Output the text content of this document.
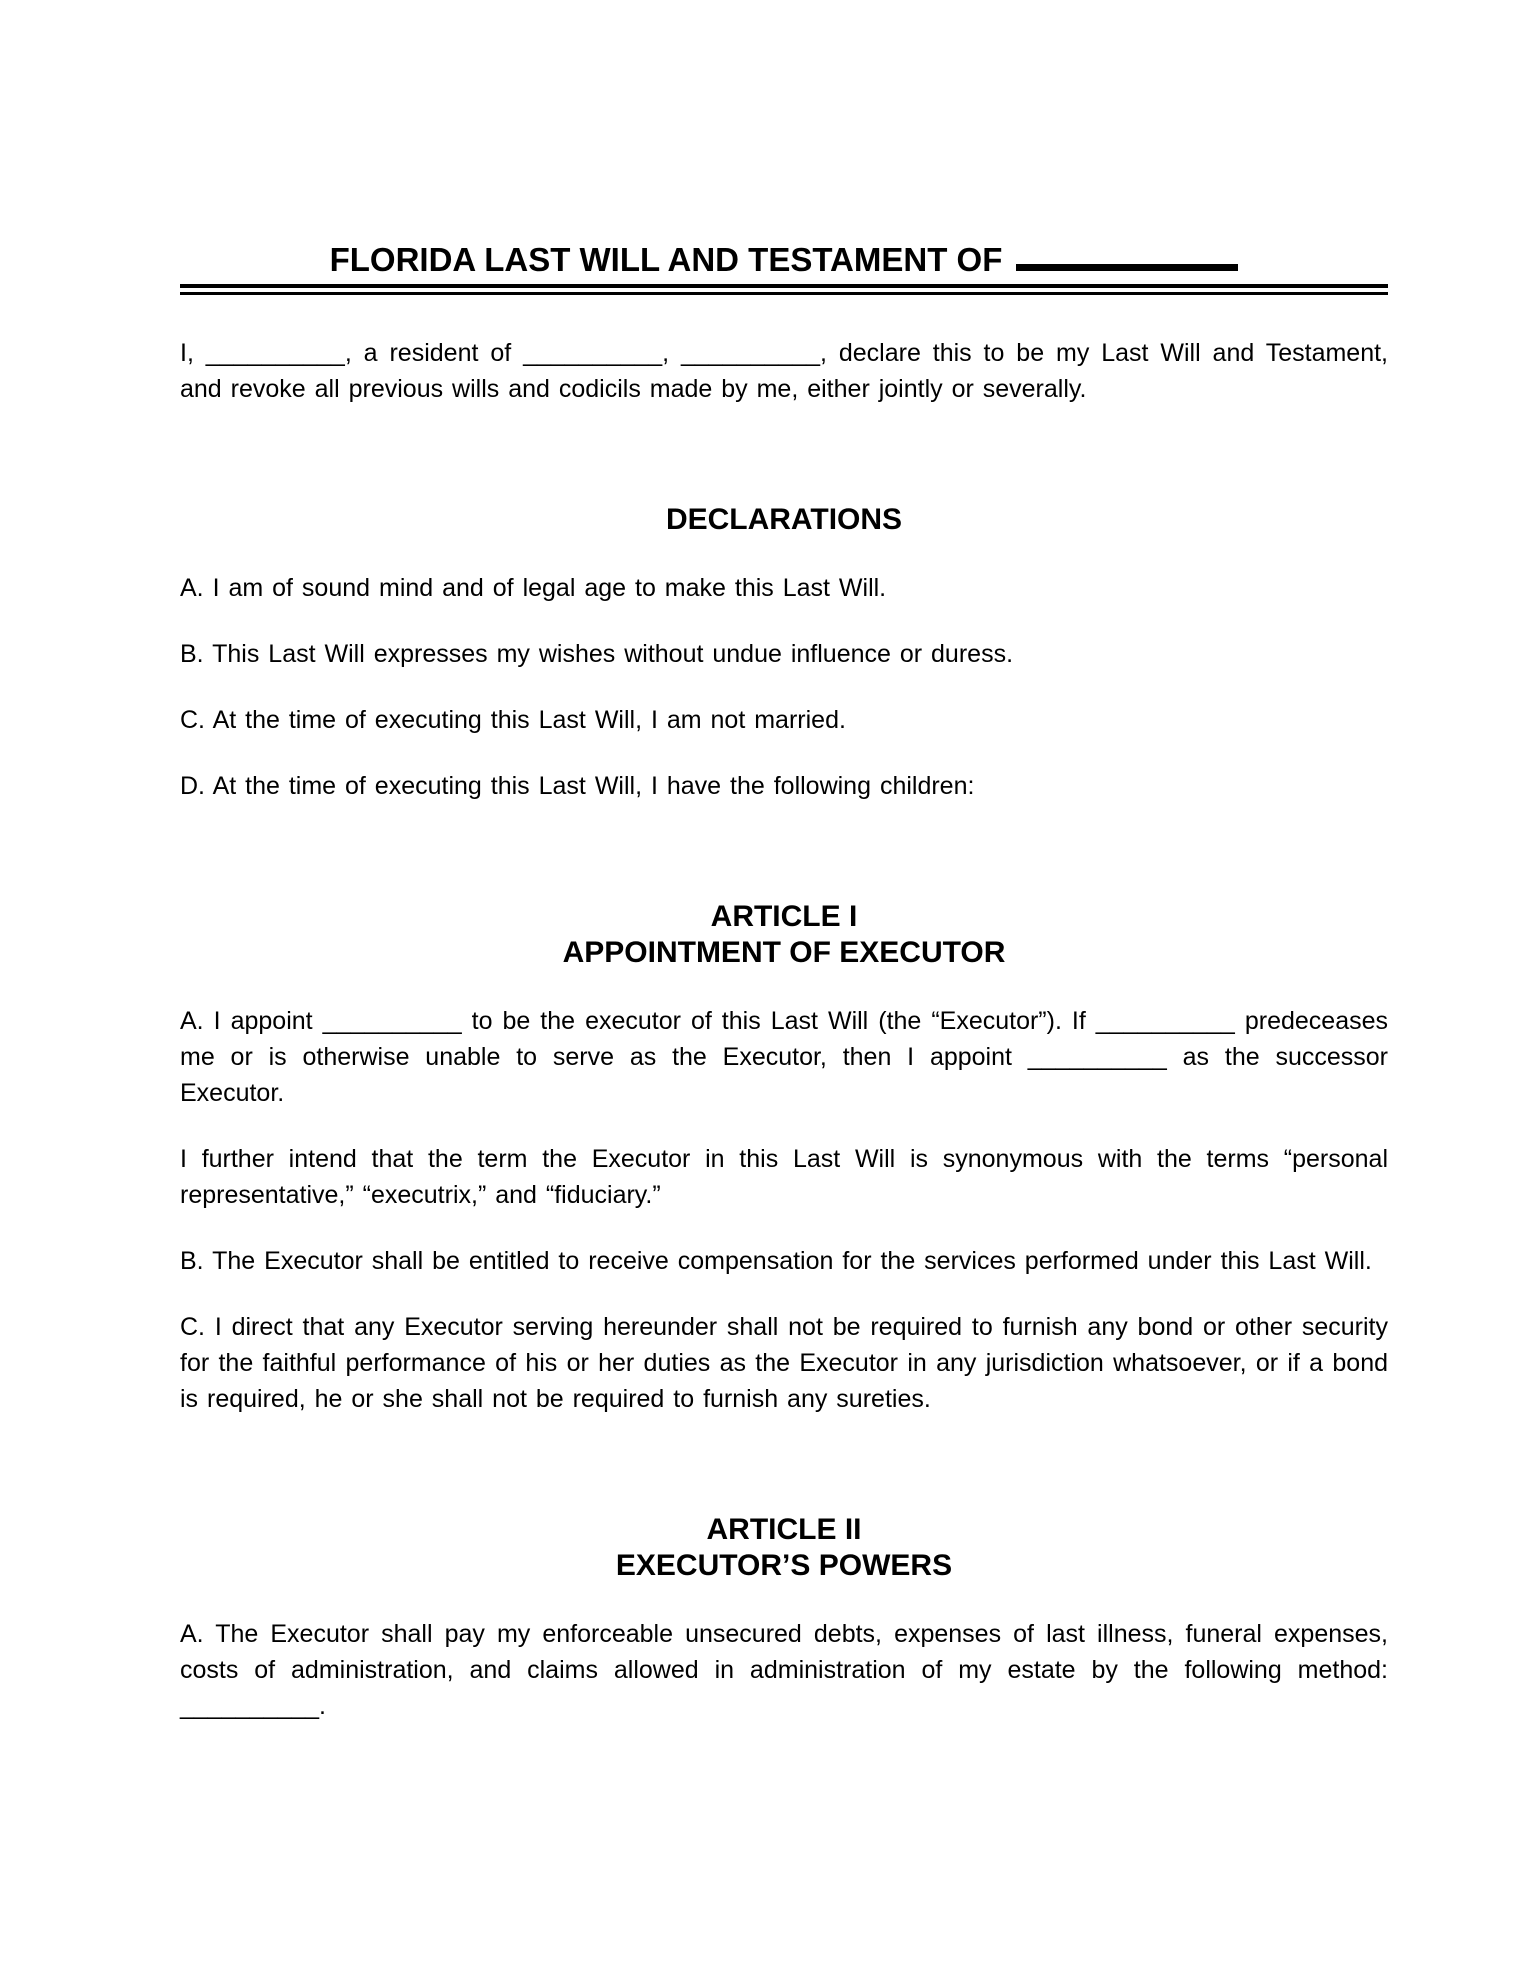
FLORIDA LAST WILL AND TESTAMENT OF

I, __________, a resident of __________, __________, declare this to be my Last Will and Testament, and revoke all previous wills and codicils made by me, either jointly or severally.

DECLARATIONS

A. I am of sound mind and of legal age to make this Last Will.

B. This Last Will expresses my wishes without undue influence or duress.

C. At the time of executing this Last Will, I am not married.

D. At the time of executing this Last Will, I have the following children:

ARTICLE I
APPOINTMENT OF EXECUTOR

A. I appoint __________ to be the executor of this Last Will (the “Executor”). If __________ predeceases me or is otherwise unable to serve as the Executor, then I appoint __________ as the successor Executor.

I further intend that the term the Executor in this Last Will is synonymous with the terms “personal representative,” “executrix,” and “fiduciary.”

B. The Executor shall be entitled to receive compensation for the services performed under this Last Will.

C. I direct that any Executor serving hereunder shall not be required to furnish any bond or other security for the faithful performance of his or her duties as the Executor in any jurisdiction whatsoever, or if a bond is required, he or she shall not be required to furnish any sureties.

ARTICLE II
EXECUTOR’S POWERS

A. The Executor shall pay my enforceable unsecured debts, expenses of last illness, funeral expenses, costs of administration, and claims allowed in administration of my estate by the following method: __________.
